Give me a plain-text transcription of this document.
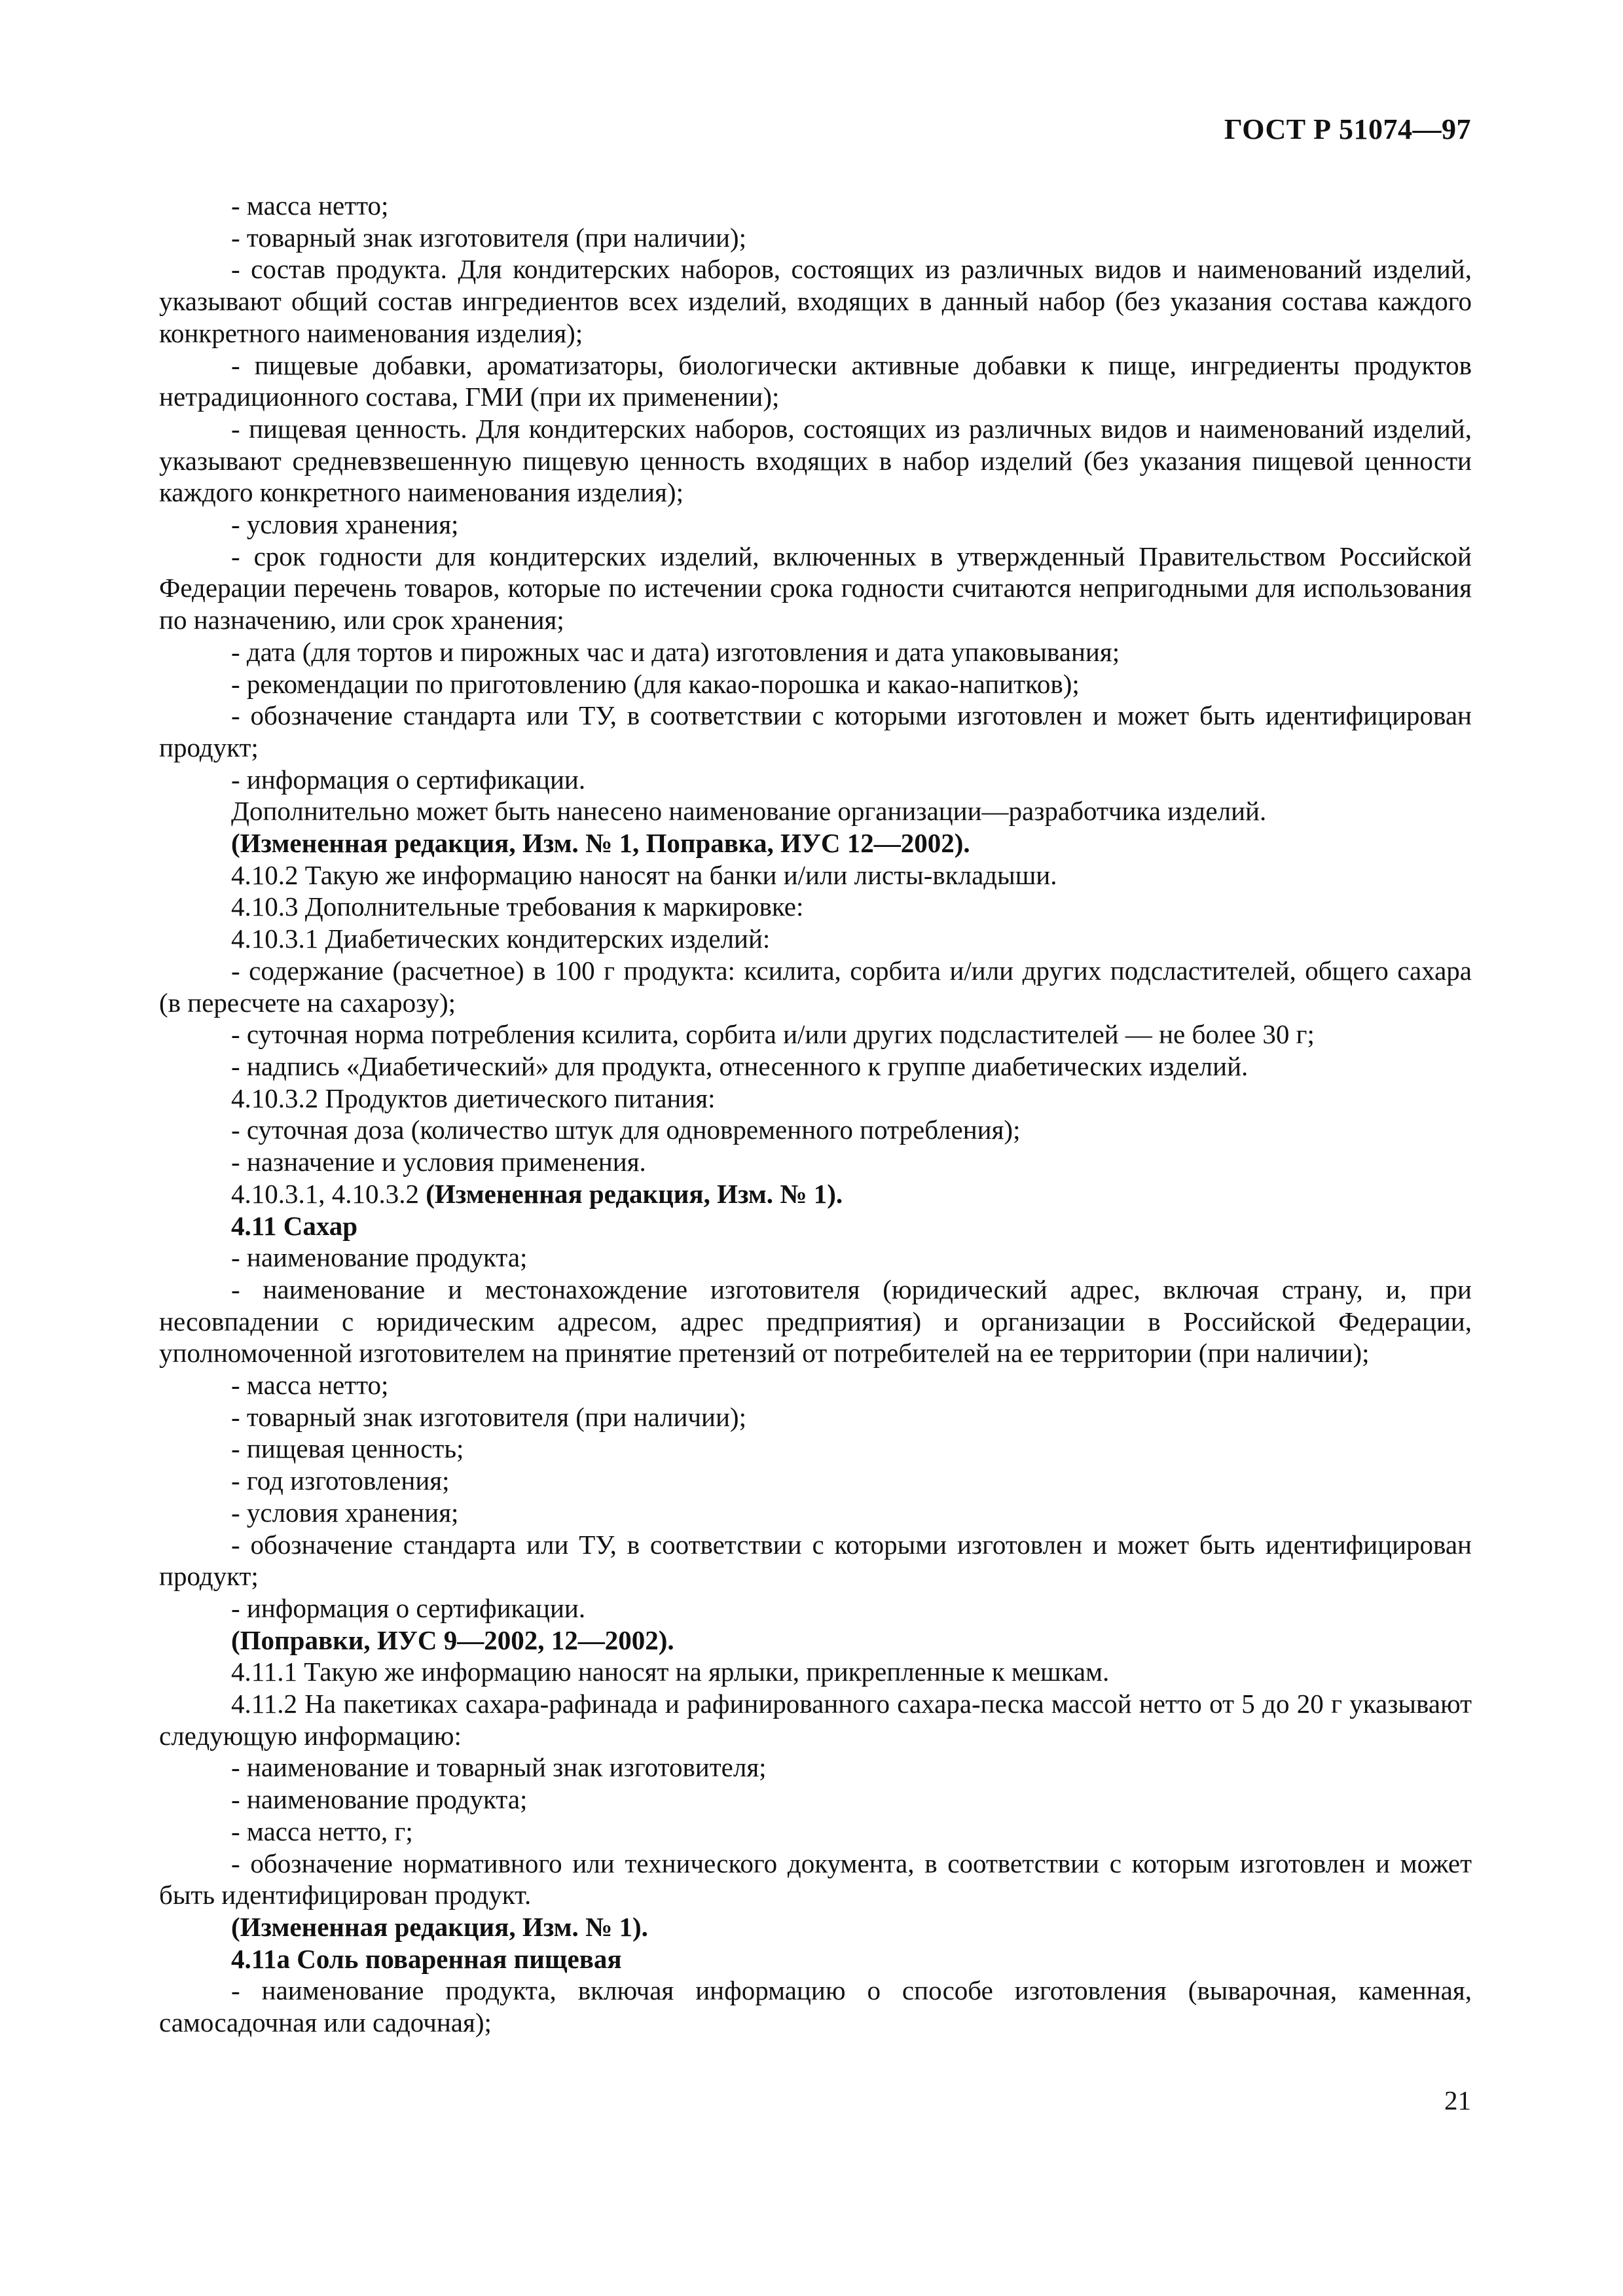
ГОСТ Р 51074—97

- масса нетто;

- товарный знак изготовителя (при наличии);

- состав продукта. Для кондитерских наборов, состоящих из различных видов и наименований изделий, указывают общий состав ингредиентов всех изделий, входящих в данный набор (без указания состава каждого конкретного наименования изделия);

- пищевые добавки, ароматизаторы, биологически активные добавки к пище, ингредиенты продуктов нетрадиционного состава, ГМИ (при их применении);

- пищевая ценность. Для кондитерских наборов, состоящих из различных видов и наименований изделий, указывают средневзвешенную пищевую ценность входящих в набор изделий (без указания пищевой ценности каждого конкретного наименования изделия);

- условия хранения;

- срок годности для кондитерских изделий, включенных в утвержденный Правительством Российской Федерации перечень товаров, которые по истечении срока годности считаются непригодными для использования по назначению, или срок хранения;

- дата (для тортов и пирожных час и дата) изготовления и дата упаковывания;

- рекомендации по приготовлению (для какао-порошка и какао-напитков);

- обозначение стандарта или ТУ, в соответствии с которыми изготовлен и может быть идентифицирован продукт;

- информация о сертификации.

Дополнительно может быть нанесено наименование организации—разработчика изделий.

(Измененная редакция, Изм. № 1, Поправка, ИУС 12—2002).

4.10.2 Такую же информацию наносят на банки и/или листы-вкладыши.

4.10.3 Дополнительные требования к маркировке:

4.10.3.1 Диабетических кондитерских изделий:

- содержание (расчетное) в 100 г продукта: ксилита, сорбита и/или других подсластителей, общего сахара (в пересчете на сахарозу);

- суточная норма потребления ксилита, сорбита и/или других подсластителей — не более 30 г;

- надпись «Диабетический» для продукта, отнесенного к группе диабетических изделий.

4.10.3.2 Продуктов диетического питания:

- суточная доза (количество штук для одновременного потребления);

- назначение и условия применения.

4.10.3.1, 4.10.3.2 (Измененная редакция, Изм. № 1).

4.11 Сахар

- наименование продукта;

- наименование и местонахождение изготовителя (юридический адрес, включая страну, и, при несовпадении с юридическим адресом, адрес предприятия) и организации в Российской Федерации, уполномоченной изготовителем на принятие претензий от потребителей на ее территории (при наличии);

- масса нетто;

- товарный знак изготовителя (при наличии);

- пищевая ценность;

- год изготовления;

- условия хранения;

- обозначение стандарта или ТУ, в соответствии с которыми изготовлен и может быть идентифицирован продукт;

- информация о сертификации.

(Поправки, ИУС 9—2002, 12—2002).

4.11.1 Такую же информацию наносят на ярлыки, прикрепленные к мешкам.

4.11.2 На пакетиках сахара-рафинада и рафинированного сахара-песка массой нетто от 5 до 20 г указывают следующую информацию:

- наименование и товарный знак изготовителя;

- наименование продукта;

- масса нетто, г;

- обозначение нормативного или технического документа, в соответствии с которым изготовлен и может быть идентифицирован продукт.

(Измененная редакция, Изм. № 1).

4.11а Соль поваренная пищевая

- наименование продукта, включая информацию о способе изготовления (выварочная, каменная, самосадочная или садочная);

21
